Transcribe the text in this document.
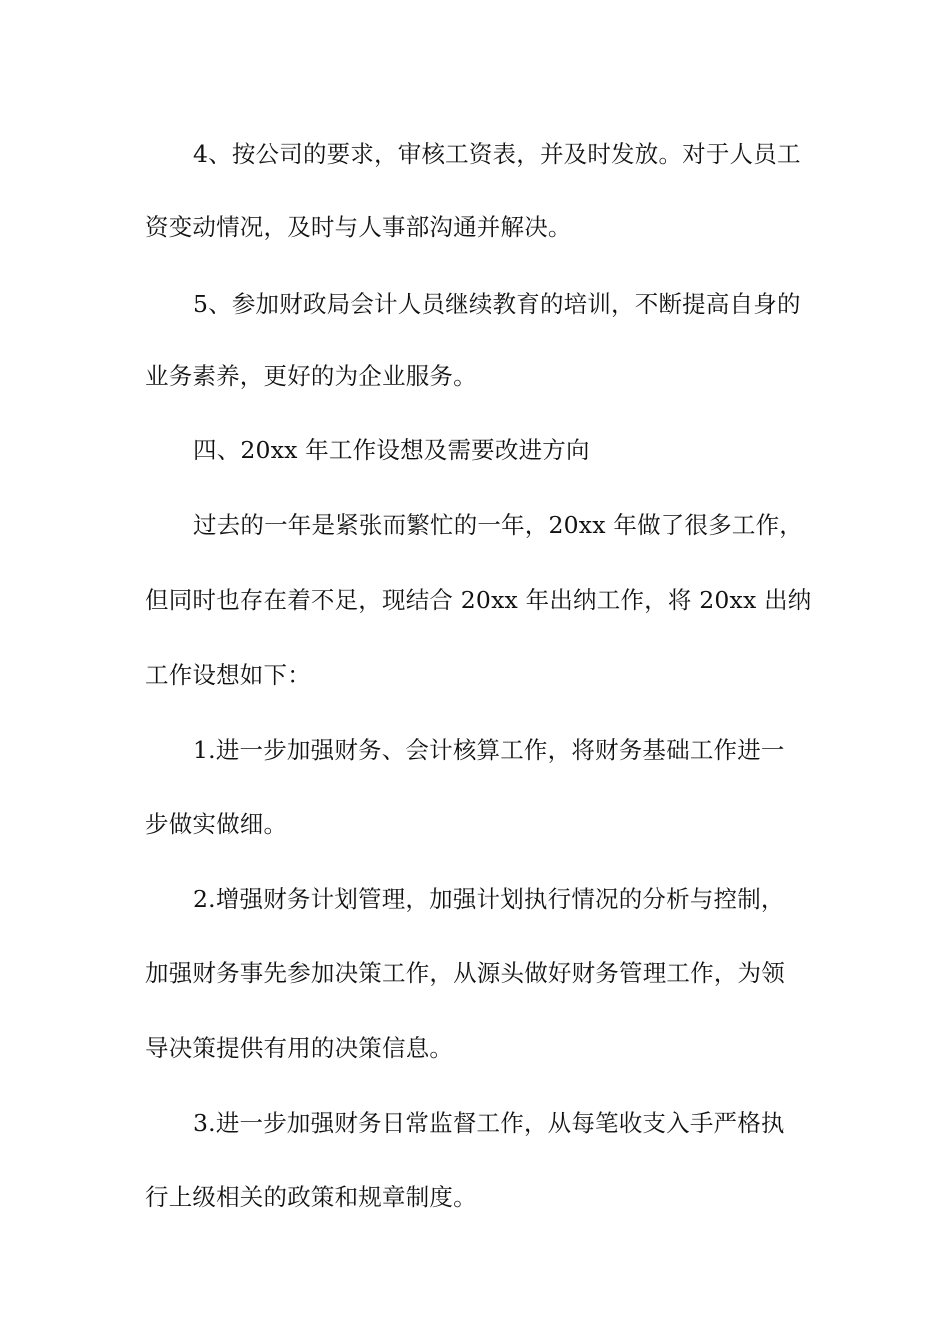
4、按公司的要求，审核工资表，并及时发放。对于人员工
资变动情况，及时与人事部沟通并解决。
5、参加财政局会计人员继续教育的培训，不断提高自身的
业务素养，更好的为企业服务。
四、20xx 年工作设想及需要改进方向
过去的一年是紧张而繁忙的一年，20xx 年做了很多工作，
但同时也存在着不足，现结合 20xx 年出纳工作，将 20xx 出纳
工作设想如下：
1.进一步加强财务、会计核算工作，将财务基础工作进一
步做实做细。
2.增强财务计划管理，加强计划执行情况的分析与控制，
加强财务事先参加决策工作，从源头做好财务管理工作，为领
导决策提供有用的决策信息。
3.进一步加强财务日常监督工作，从每笔收支入手严格执
行上级相关的政策和规章制度。
